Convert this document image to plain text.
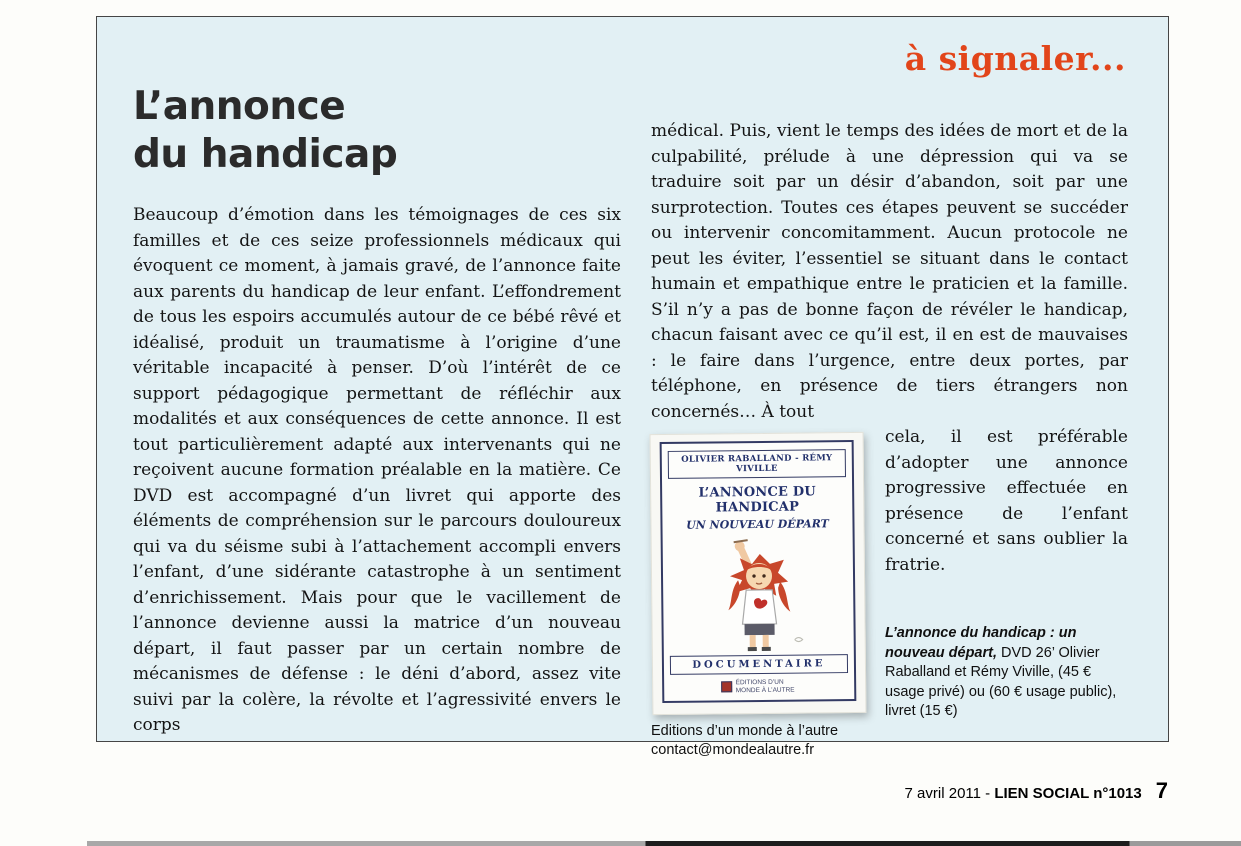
à signaler...
L’annonce
du handicap

Beaucoup d’émotion dans les témoignages de ces six familles et de ces seize professionnels médicaux qui évoquent ce moment, à jamais gravé, de l’annonce faite aux parents du handicap de leur enfant. L’effondrement de tous les espoirs accumulés autour de ce bébé rêvé et idéalisé, produit un traumatisme à l’origine d’une véritable incapacité à penser. D’où l’intérêt de ce support pédagogique permettant de réfléchir aux modalités et aux conséquences de cette annonce. Il est tout particulièrement adapté aux intervenants qui ne reçoivent aucune formation préalable en la matière. Ce DVD est accompagné d’un livret qui apporte des éléments de compréhension sur le parcours douloureux qui va du séisme subi à l’attachement accompli envers l’enfant, d’une sidérante catastrophe à un sentiment d’enrichissement. Mais pour que le vacillement de l’annonce devienne aussi la matrice d’un nouveau départ, il faut passer par un certain nombre de mécanismes de défense : le déni d’abord, assez vite suivi par la colère, la révolte et l’agressivité envers le corps

médical. Puis, vient le temps des idées de mort et de la culpabilité, prélude à une dépression qui va se traduire soit par un désir d’abandon, soit par une surprotection. Toutes ces étapes peuvent se succéder ou intervenir concomitamment. Aucun protocole ne peut les éviter, l’essentiel se situant dans le contact humain et empathique entre le praticien et la famille. S’il n’y a pas de bonne façon de révéler le handicap, chacun faisant avec ce qu’il est, il en est de mauvaises : le faire dans l’urgence, entre deux portes, par téléphone, en présence de tiers étrangers non concernés… À tout

OLIVIER RABALLAND - RÉMY VIVILLE
L’ANNONCE DU HANDICAP
UN NOUVEAU DÉPART
DOCUMENTAIRE
ÉDITIONS D’UN MONDE À L’AUTRE

cela, il est préférable d’adopter une annonce progressive effectuée en présence de l’enfant concerné et sans oublier la fratrie.

L’annonce du handicap : un nouveau départ, DVD 26’ Olivier Raballand et Rémy Viville, (45 € usage privé) ou (60 € usage public), livret (15 €)

Editions d’un monde à l’autre

contact@mondealautre.fr

7 avril 2011 - LIEN SOCIAL n°1013 7
